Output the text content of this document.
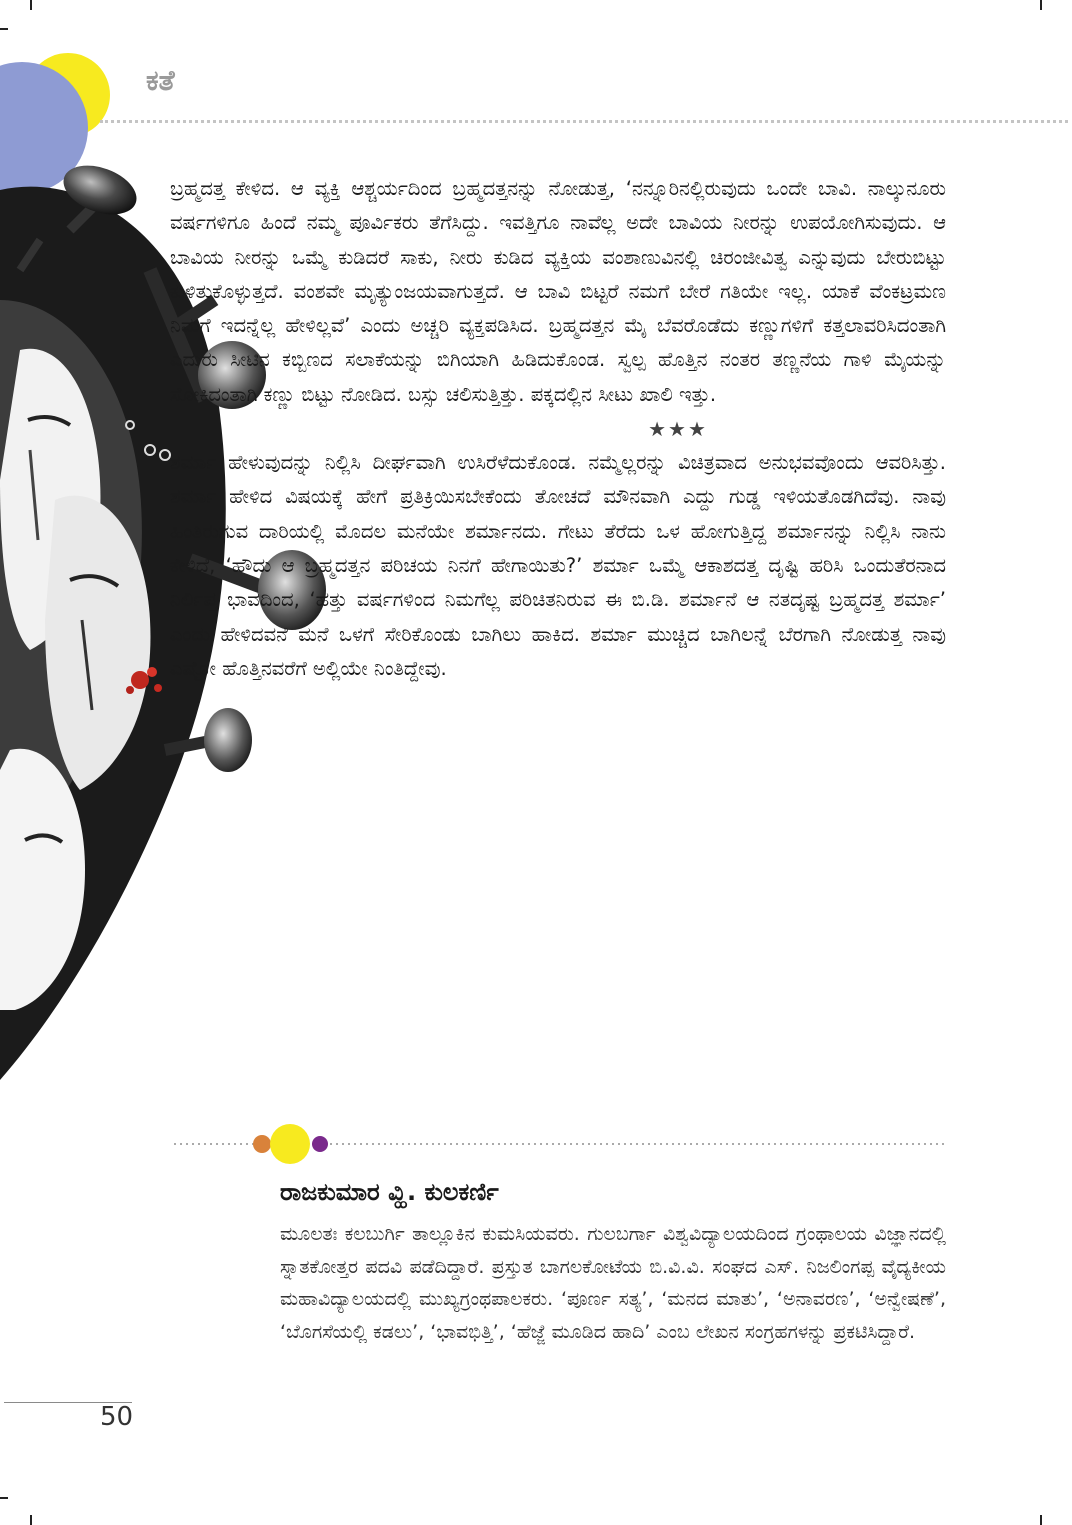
ಕತೆ

ಬ್ರಹ್ಮದತ್ತ ಕೇಳಿದ. ಆ ವ್ಯಕ್ತಿ ಆಶ್ಚರ್ಯದಿಂದ ಬ್ರಹ್ಮದತ್ತನನ್ನು ನೋಡುತ್ತ, ‘ನನ್ನೂರಿನಲ್ಲಿರುವುದು ಒಂದೇ ಬಾವಿ. ನಾಲ್ಕುನೂರು ವರ್ಷಗಳಿಗೂ ಹಿಂದೆ ನಮ್ಮ ಪೂರ್ವಿಕರು ತೆಗೆಸಿದ್ದು. ಇವತ್ತಿಗೂ ನಾವೆಲ್ಲ ಅದೇ ಬಾವಿಯ ನೀರನ್ನು ಉಪಯೋಗಿಸುವುದು. ಆ ಬಾವಿಯ ನೀರನ್ನು ಒಮ್ಮೆ ಕುಡಿದರೆ ಸಾಕು, ನೀರು ಕುಡಿದ ವ್ಯಕ್ತಿಯ ವಂಶಾಣುವಿನಲ್ಲಿ ಚಿರಂಜೀವಿತ್ವ ಎನ್ನುವುದು ಬೇರುಬಿಟ್ಟು ಕುಳಿತುಕೊಳ್ಳುತ್ತದೆ. ವಂಶವೇ ಮೃತ್ಯುಂಜಯವಾಗುತ್ತದೆ. ಆ ಬಾವಿ ಬಿಟ್ಟರೆ ನಮಗೆ ಬೇರೆ ಗತಿಯೇ ಇಲ್ಲ. ಯಾಕೆ ವೆಂಕಟ್ರಮಣ ನಿಮಗೆ ಇದನ್ನೆಲ್ಲ ಹೇಳಿಲ್ಲವೆ’ ಎಂದು ಅಚ್ಚರಿ ವ್ಯಕ್ತಪಡಿಸಿದ. ಬ್ರಹ್ಮದತ್ತನ ಮೈ ಬೆವರೊಡೆದು ಕಣ್ಣುಗಳಿಗೆ ಕತ್ತಲಾವರಿಸಿದಂತಾಗಿ ಎದುರು ಸೀಟಿನ ಕಬ್ಬಿಣದ ಸಲಾಕೆಯನ್ನು ಬಿಗಿಯಾಗಿ ಹಿಡಿದುಕೊಂಡ. ಸ್ವಲ್ಪ ಹೊತ್ತಿನ ನಂತರ ತಣ್ಣನೆಯ ಗಾಳಿ ಮೈಯನ್ನು ಸೋಕಿದಂತಾಗಿ ಕಣ್ಣು ಬಿಟ್ಟು ನೋಡಿದ. ಬಸ್ಸು ಚಲಿಸುತ್ತಿತ್ತು. ಪಕ್ಕದಲ್ಲಿನ ಸೀಟು ಖಾಲಿ ಇತ್ತು.

★★★

ಶರ್ಮಾ ಹೇಳುವುದನ್ನು ನಿಲ್ಲಿಸಿ ದೀರ್ಘವಾಗಿ ಉಸಿರೆಳೆದುಕೊಂಡ. ನಮ್ಮೆಲ್ಲರನ್ನು ವಿಚಿತ್ರವಾದ ಅನುಭವವೊಂದು ಆವರಿಸಿತ್ತು. ಶರ್ಮಾ ಹೇಳಿದ ವಿಷಯಕ್ಕೆ ಹೇಗೆ ಪ್ರತಿಕ್ರಿಯಿಸಬೇಕೆಂದು ತೋಚದೆ ಮೌನವಾಗಿ ಎದ್ದು ಗುಡ್ಡ ಇಳಿಯತೊಡಗಿದೆವು. ನಾವು ಹಿಂತಿರುಗುವ ದಾರಿಯಲ್ಲಿ ಮೊದಲ ಮನೆಯೇ ಶರ್ಮಾನದು. ಗೇಟು ತೆರೆದು ಒಳ ಹೋಗುತ್ತಿದ್ದ ಶರ್ಮಾನನ್ನು ನಿಲ್ಲಿಸಿ ನಾನು ಕೇಳಿದೆ, ‘ಹೌದು ಆ ಬ್ರಹ್ಮದತ್ತನ ಪರಿಚಯ ನಿನಗೆ ಹೇಗಾಯಿತು?’ ಶರ್ಮಾ ಒಮ್ಮೆ ಆಕಾಶದತ್ತ ದೃಷ್ಟಿ ಹರಿಸಿ ಒಂದುತೆರನಾದ ನಿರ್ಲಿಪ್ತ ಭಾವದಿಂದ, ‘ಹತ್ತು ವರ್ಷಗಳಿಂದ ನಿಮಗೆಲ್ಲ ಪರಿಚಿತನಿರುವ ಈ ಬಿ.ಡಿ. ಶರ್ಮಾನೆ ಆ ನತದೃಷ್ಟ ಬ್ರಹ್ಮದತ್ತ ಶರ್ಮಾ’ ಎಂದು ಹೇಳಿದವನೆ ಮನೆ ಒಳಗೆ ಸೇರಿಕೊಂಡು ಬಾಗಿಲು ಹಾಕಿದ. ಶರ್ಮಾ ಮುಚ್ಚಿದ ಬಾಗಿಲನ್ನೆ ಬೆರಗಾಗಿ ನೋಡುತ್ತ ನಾವು ಎಷ್ಟೋ ಹೊತ್ತಿನವರೆಗೆ ಅಲ್ಲಿಯೇ ನಿಂತಿದ್ದೇವು.

ರಾಜಕುಮಾರ ವ್ಹಿ. ಕುಲಕರ್ಣಿ

ಮೂಲತಃ ಕಲಬುರ್ಗಿ ತಾಲ್ಲೂಕಿನ ಕುಮಸಿಯವರು. ಗುಲಬರ್ಗಾ ವಿಶ್ವವಿದ್ಯಾಲಯದಿಂದ ಗ್ರಂಥಾಲಯ ವಿಜ್ಞಾನದಲ್ಲಿ ಸ್ನಾತಕೋತ್ತರ ಪದವಿ ಪಡೆದಿದ್ದಾರೆ. ಪ್ರಸ್ತುತ ಬಾಗಲಕೋಟೆಯ ಬಿ.ವಿ.ವಿ. ಸಂಘದ ಎಸ್. ನಿಜಲಿಂಗಪ್ಪ ವೈದ್ಯಕೀಯ ಮಹಾವಿದ್ಯಾಲಯದಲ್ಲಿ ಮುಖ್ಯಗ್ರಂಥಪಾಲಕರು. ‘ಪೂರ್ಣ ಸತ್ಯ’, ‘ಮನದ ಮಾತು’, ‘ಅನಾವರಣ’, ‘ಅನ್ವೇಷಣೆ’, ‘ಬೊಗಸೆಯಲ್ಲಿ ಕಡಲು’, ‘ಭಾವಭಿತ್ತಿ’, ‘ಹೆಜ್ಜೆ ಮೂಡಿದ ಹಾದಿ’ ಎಂಬ ಲೇಖನ ಸಂಗ್ರಹಗಳನ್ನು ಪ್ರಕಟಿಸಿದ್ದಾರೆ.

50
